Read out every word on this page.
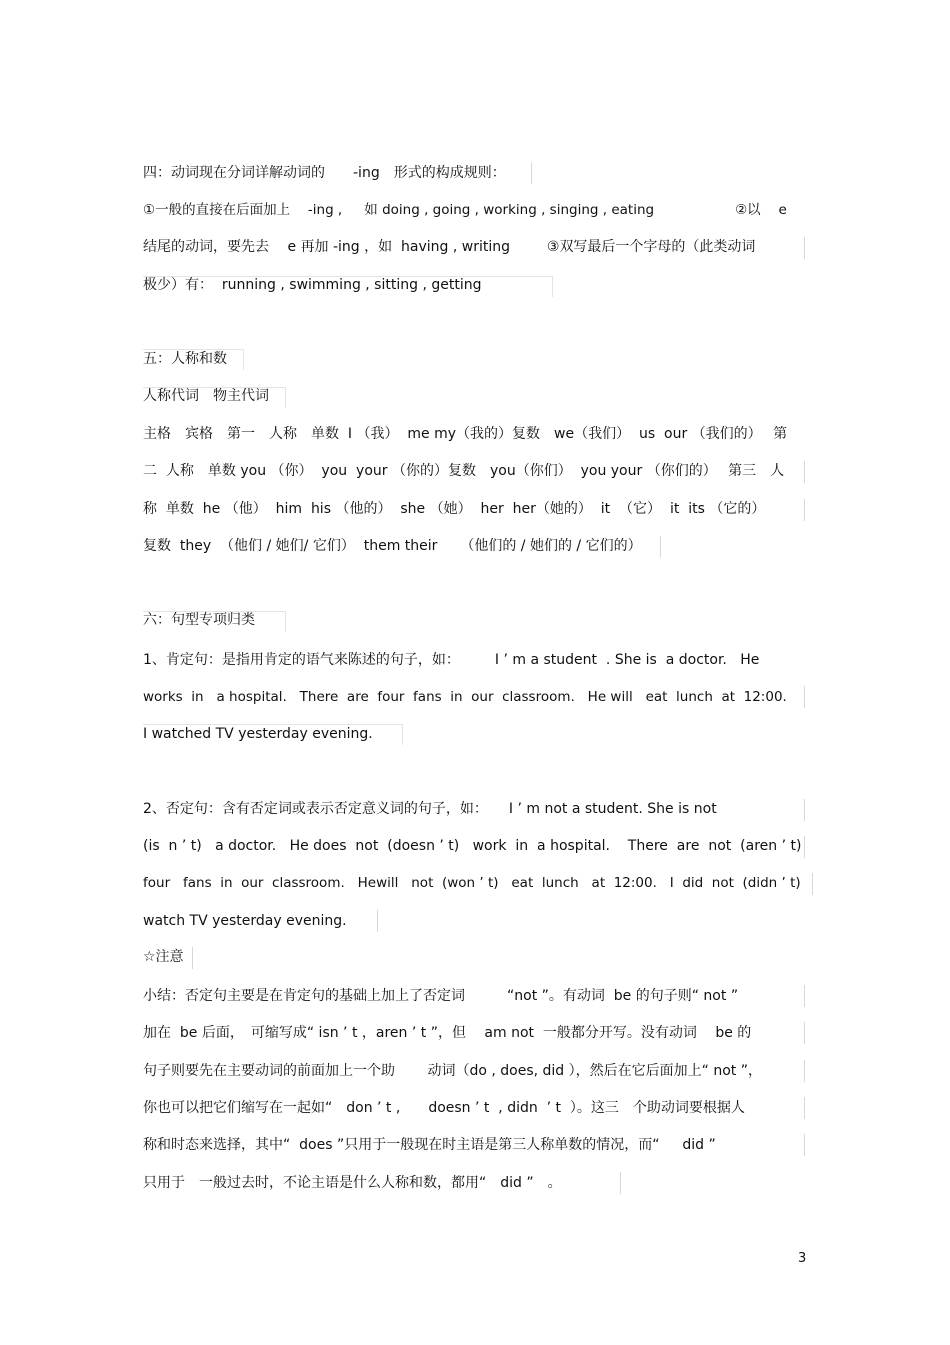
四：动词现在分词详解动词的　　-ing　形式的构成规则：
①一般的直接在后面加上　 -ing ,　  如 doing , going , working , singing , eating　　　　　　②以　 e
结尾的动词，要先去　 e 再加 -ing ，如  having , writing　　  ③双写最后一个字母的（此类动词
极少）有：  running , swimming , sitting , getting
五：人称和数
人称代词　物主代词
主格　宾格　第一　人称　单数  I （我）  me my（我的）复数　we（我们）  us  our （我们的）　 第
二  人称　单数 you （你）  you  your （你的）复数　you（你们）  you your （你们的）　 第三　人
称  单数  he （他）  him  his （他的）  she （她）  her  her（她的）  it  （它）  it  its （它的）
复数  they  （他们 / 她们/ 它们）  them their 　 （他们的 / 她们的 / 它们的）
六：句型专项归类
1、肯定句：是指用肯定的语气来陈述的句子，如：　　　I ’ m a student  . She is  a doctor.   He
works  in   a hospital.   There  are  four  fans  in  our  classroom.   He will   eat  lunch  at  12:00.
I watched TV yesterday evening.
2、否定句：含有否定词或表示否定意义词的句子，如：　　I ’ m not a student. She is not
(is  n ’ t)   a doctor.   He does  not  (doesn ’ t)   work  in  a hospital.    There  are  not  (aren ’ t)
four   fans  in  our  classroom.   Hewill   not  (won ’ t)   eat  lunch   at  12:00.   I  did  not  (didn ’ t)
watch TV yesterday evening.
☆注意
小结：否定句主要是在肯定句的基础上加上了否定词　　　“not ”。有动词  be 的句子则“ not ”
加在  be 后面，　可缩写成“ isn ’ t ，aren ’ t ”，但　 am not  一般都分开写。没有动词　 be 的
句子则要先在主要动词的前面加上一个助　　 动词（do , does, did ），然后在它后面加上“ not ”，
你也可以把它们缩写在一起如“　don ’ t ,　　doesn ’ t  , didn  ’ t  ）。这三　个助动词要根据人
称和时态来选择，其中“  does ”只用于一般现在时主语是第三人称单数的情况，而“　  did ”
只用于　一般过去时，不论主语是什么人称和数，都用“　did ”　。
3
